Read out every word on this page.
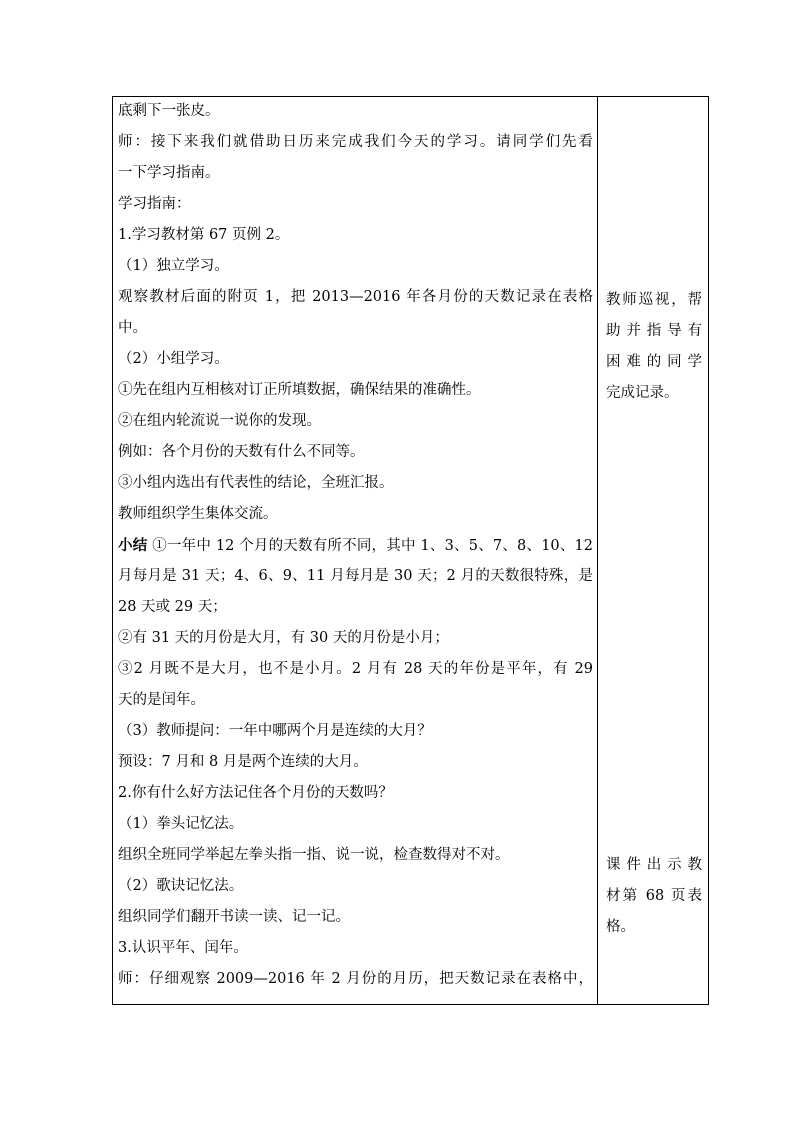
底剩下一张皮。
师：接下来我们就借助日历来完成我们今天的学习。请同学们先看
一下学习指南。
学习指南：
1.学习教材第 67 页例 2。
（1）独立学习。
观察教材后面的附页 1，把 2013—2016 年各月份的天数记录在表格
中。
（2）小组学习。
①先在组内互相核对订正所填数据，确保结果的准确性。
②在组内轮流说一说你的发现。
例如：各个月份的天数有什么不同等。
③小组内选出有代表性的结论，全班汇报。
教师组织学生集体交流。
小结 ①一年中 12 个月的天数有所不同，其中 1、3、5、7、8、10、12
月每月是 31 天；4、6、9、11 月每月是 30 天；2 月的天数很特殊，是
28 天或 29 天；
②有 31 天的月份是大月，有 30 天的月份是小月；
③2 月既不是大月，也不是小月。2 月有 28 天的年份是平年，有 29
天的是闰年。
（3）教师提问：一年中哪两个月是连续的大月？
预设：7 月和 8 月是两个连续的大月。
2.你有什么好方法记住各个月份的天数吗？
（1）拳头记忆法。
组织全班同学举起左拳头指一指、说一说，检查数得对不对。
（2）歌诀记忆法。
组织同学们翻开书读一读、记一记。
3.认识平年、闰年。
师：仔细观察 2009—2016 年 2 月份的月历，把天数记录在表格中，
教师巡视，帮
助并指导有
困难的同学
完成记录。
课件出示教
材第 68 页表
格。
